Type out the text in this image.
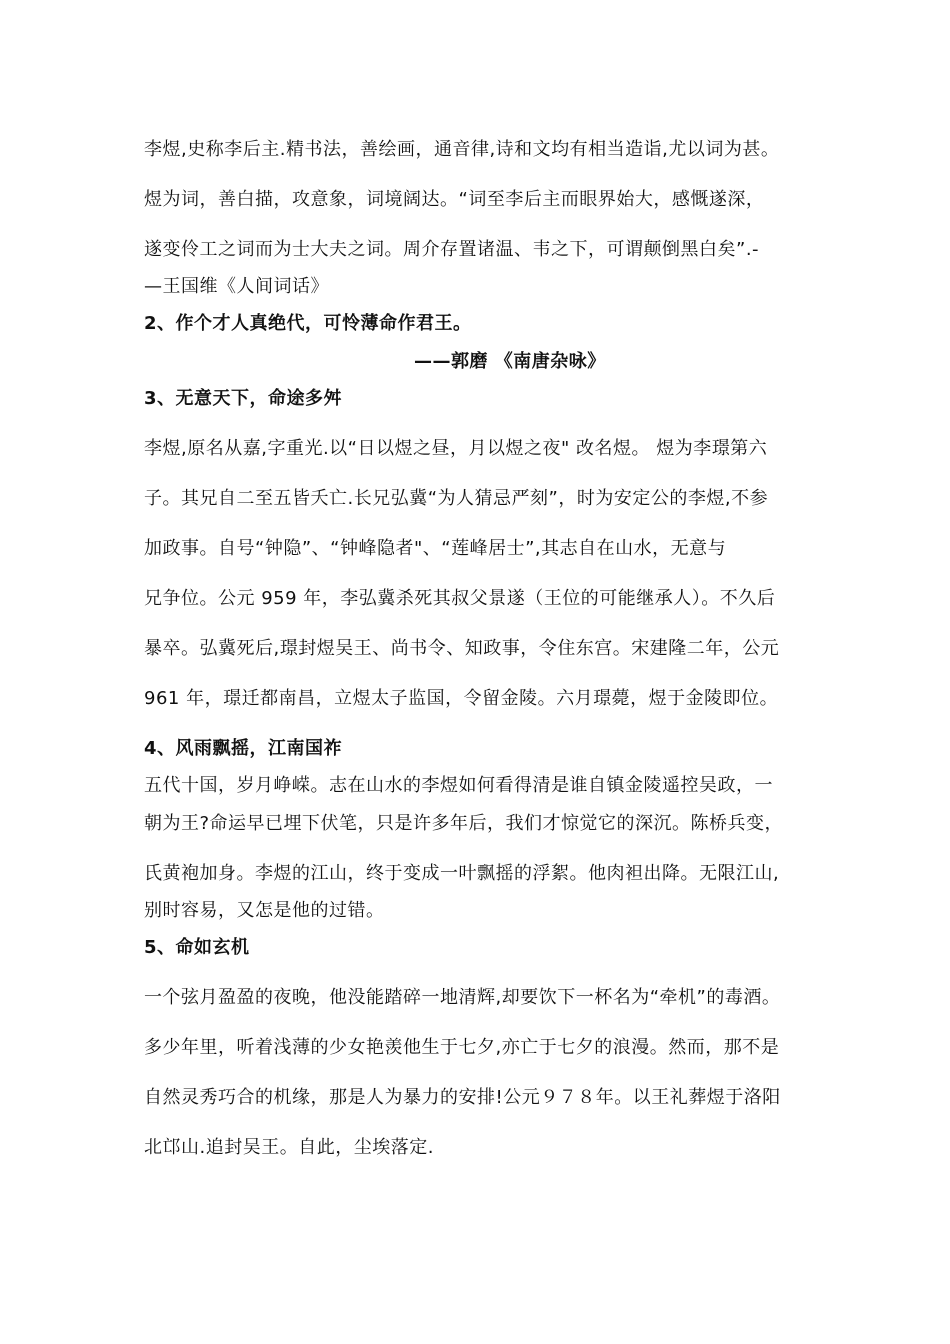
李煜,史称李后主.精书法，善绘画，通音律,诗和文均有相当造诣,尤以词为甚。
煜为词，善白描，攻意象，词境阔达。“词至李后主而眼界始大，感慨遂深，
遂变伶工之词而为士大夫之词。周介存置诸温、韦之下，可谓颠倒黑白矣”.-
—王国维《人间词话》
2、作个才人真绝代，可怜薄命作君王。
——郭磨 《南唐杂咏》
3、无意天下，命途多舛
李煜,原名从嘉,字重光.以“日以煜之昼，月以煜之夜" 改名煜。 煜为李璟第六
子。其兄自二至五皆夭亡.长兄弘冀“为人猜忌严刻”，时为安定公的李煜,不参
加政事。自号“钟隐”、“钟峰隐者"、“莲峰居士”,其志自在山水，无意与
兄争位。公元 959 年，李弘冀杀死其叔父景遂（王位的可能继承人）。不久后
暴卒。弘冀死后,璟封煜吴王、尚书令、知政事，令住东宫。宋建隆二年，公元
961 年，璟迁都南昌，立煜太子监国，令留金陵。六月璟薨，煜于金陵即位。
4、风雨飘摇，江南国祚
五代十国，岁月峥嵘。志在山水的李煜如何看得清是谁自镇金陵遥控吴政，一
朝为王?命运早已埋下伏笔，只是许多年后，我们才惊觉它的深沉。陈桥兵变，
氏黄袍加身。李煜的江山，终于变成一叶飘摇的浮絮。他肉袒出降。无限江山,
别时容易，又怎是他的过错。
5、命如玄机
一个弦月盈盈的夜晚，他没能踏碎一地清辉,却要饮下一杯名为“牵机”的毒酒。
多少年里，听着浅薄的少女艳羡他生于七夕,亦亡于七夕的浪漫。然而，那不是
自然灵秀巧合的机缘，那是人为暴力的安排!公元９７８年。以王礼葬煜于洛阳
北邙山.追封吴王。自此，尘埃落定.
